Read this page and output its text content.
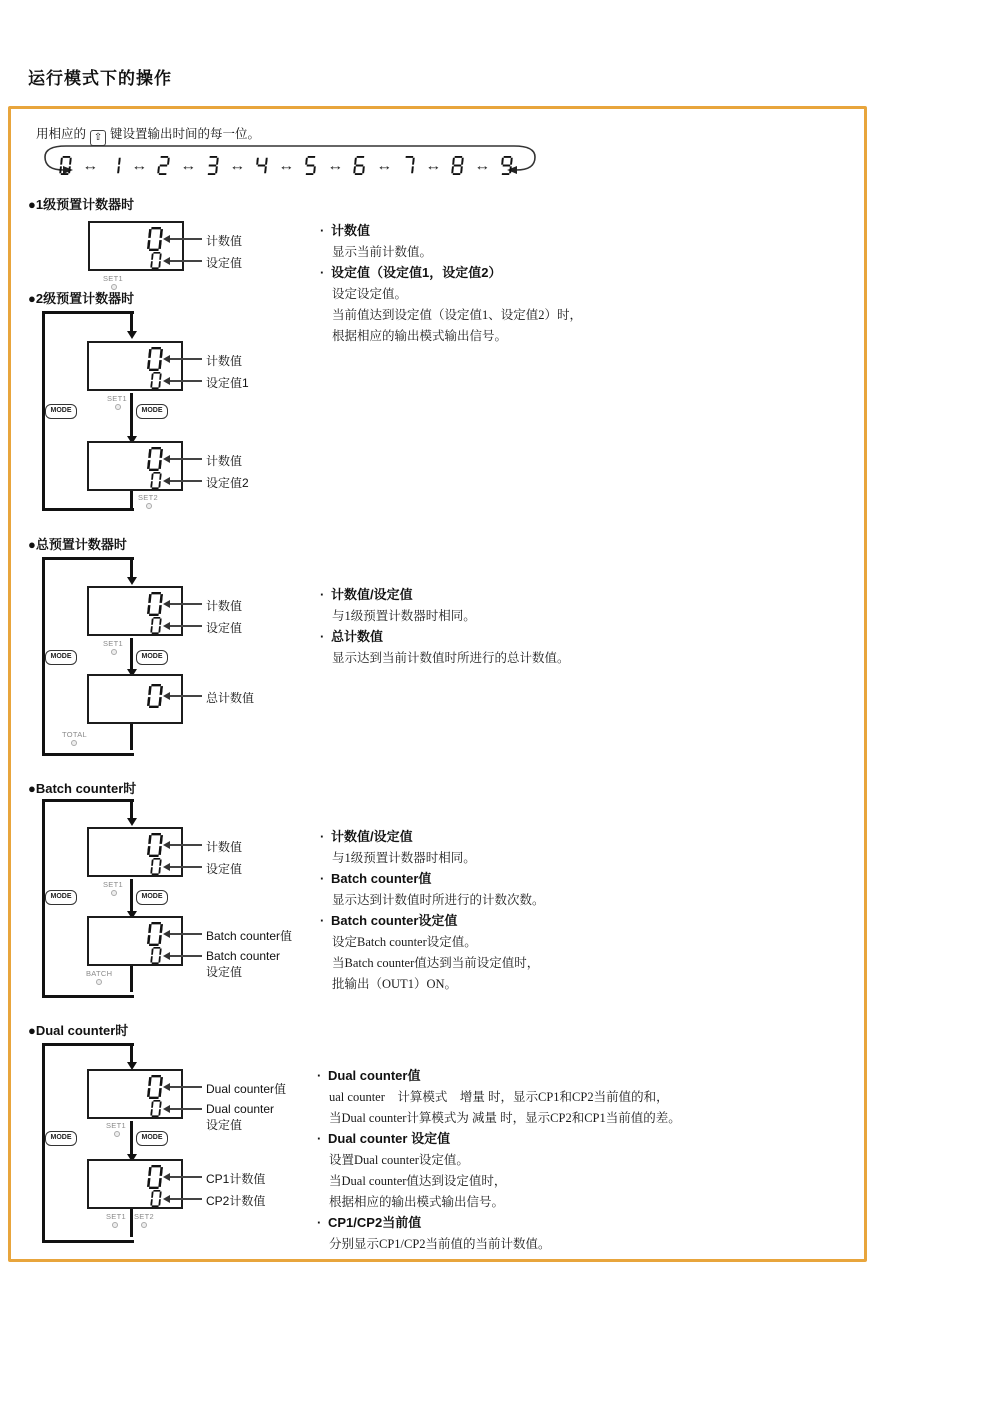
运行模式下的操作
用相应的 ⇧ 键设置输出时间的每一位。
↔	↔	↔	↔	↔	↔	↔	↔	↔
●1级预置计数器时
计数值
设定值
SET1

· 计数值

显示当前计数值。

· 设定值（设定值1，设定值2）

设定设定值。

当前值达到设定值（设定值1、设定值2）时，

根据相应的输出模式输出信号。

●2级预置计数器时
计数值
设定值1
SET1
MODE	MODE
计数值
设定值2
SET2
●总预置计数器时
计数值
设定值
SET1
MODE	MODE
总计数值
TOTAL

· 计数值/设定值

与1级预置计数器时相同。

· 总计数值

显示达到当前计数值时所进行的总计数值。

●Batch counter时
计数值
设定值
SET1
MODE	MODE
Batch counter值
Batch counter
设定值
BATCH

· 计数值/设定值

与1级预置计数器时相同。

· Batch counter值

显示达到计数值时所进行的计数次数。

· Batch counter设定值

设定Batch counter设定值。

当Batch counter值达到当前设定值时，

批输出（OUT1）ON。

●Dual counter时
Dual counter值
Dual counter
设定值
SET1
MODE	MODE
CP1计数值
CP2计数值
SET1 SET2

· Dual counter值

ual counter　计算模式　增量 时，显示CP1和CP2当前值的和，

当Dual counter计算模式为 减量 时，显示CP2和CP1当前值的差。

· Dual counter 设定值

设置Dual counter设定值。

当Dual counter值达到设定值时，

根据相应的输出模式输出信号。

· CP1/CP2当前值

分别显示CP1/CP2当前值的当前计数值。
